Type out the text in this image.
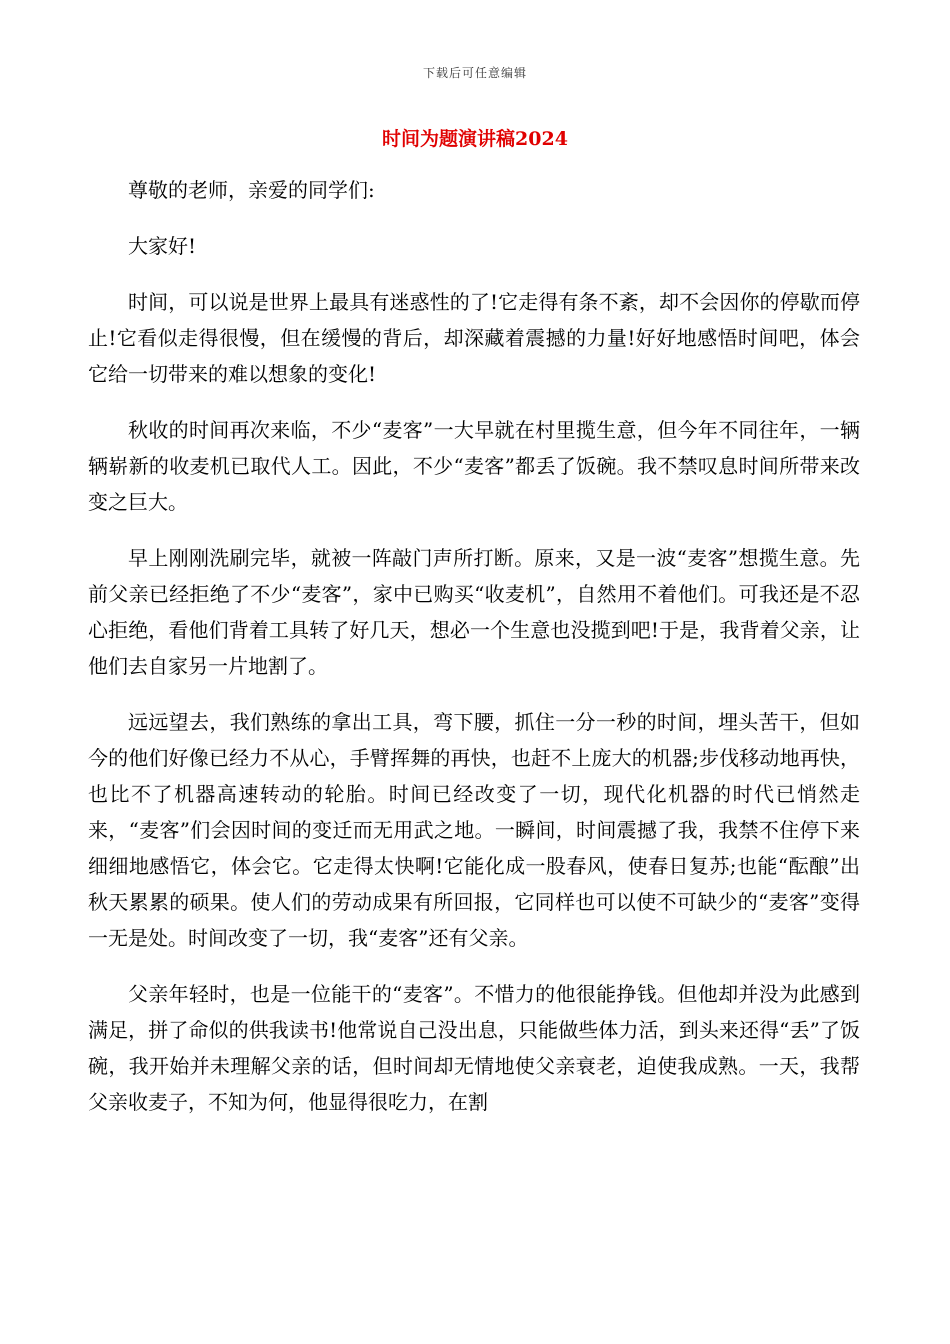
下载后可任意编辑
时间为题演讲稿2024

尊敬的老师，亲爱的同学们:

大家好!

时间，可以说是世界上最具有迷惑性的了!它走得有条不紊，却不会因你的停歇而停止!它看似走得很慢，但在缓慢的背后，却深藏着震撼的力量!好好地感悟时间吧，体会它给一切带来的难以想象的变化!

秋收的时间再次来临，不少“麦客”一大早就在村里揽生意，但今年不同往年，一辆辆崭新的收麦机已取代人工。因此，不少“麦客”都丢了饭碗。我不禁叹息时间所带来改变之巨大。

早上刚刚洗刷完毕，就被一阵敲门声所打断。原来，又是一波“麦客”想揽生意。先前父亲已经拒绝了不少“麦客”，家中已购买“收麦机”，自然用不着他们。可我还是不忍心拒绝，看他们背着工具转了好几天，想必一个生意也没揽到吧!于是，我背着父亲，让他们去自家另一片地割了。

远远望去，我们熟练的拿出工具，弯下腰，抓住一分一秒的时间，埋头苦干，但如今的他们好像已经力不从心，手臂挥舞的再快，也赶不上庞大的机器;步伐移动地再快，也比不了机器高速转动的轮胎。时间已经改变了一切，现代化机器的时代已悄然走来，“麦客”们会因时间的变迁而无用武之地。一瞬间，时间震撼了我，我禁不住停下来细细地感悟它，体会它。它走得太快啊!它能化成一股春风，使春日复苏;也能“酝酿”出秋天累累的硕果。使人们的劳动成果有所回报，它同样也可以使不可缺少的“麦客”变得一无是处。时间改变了一切，我“麦客”还有父亲。

父亲年轻时，也是一位能干的“麦客”。不惜力的他很能挣钱。但他却并没为此感到满足，拼了命似的供我读书!他常说自己没出息，只能做些体力活，到头来还得“丢”了饭碗，我开始并未理解父亲的话，但时间却无情地使父亲衰老，迫使我成熟。一天，我帮父亲收麦子，不知为何，他显得很吃力，在割
